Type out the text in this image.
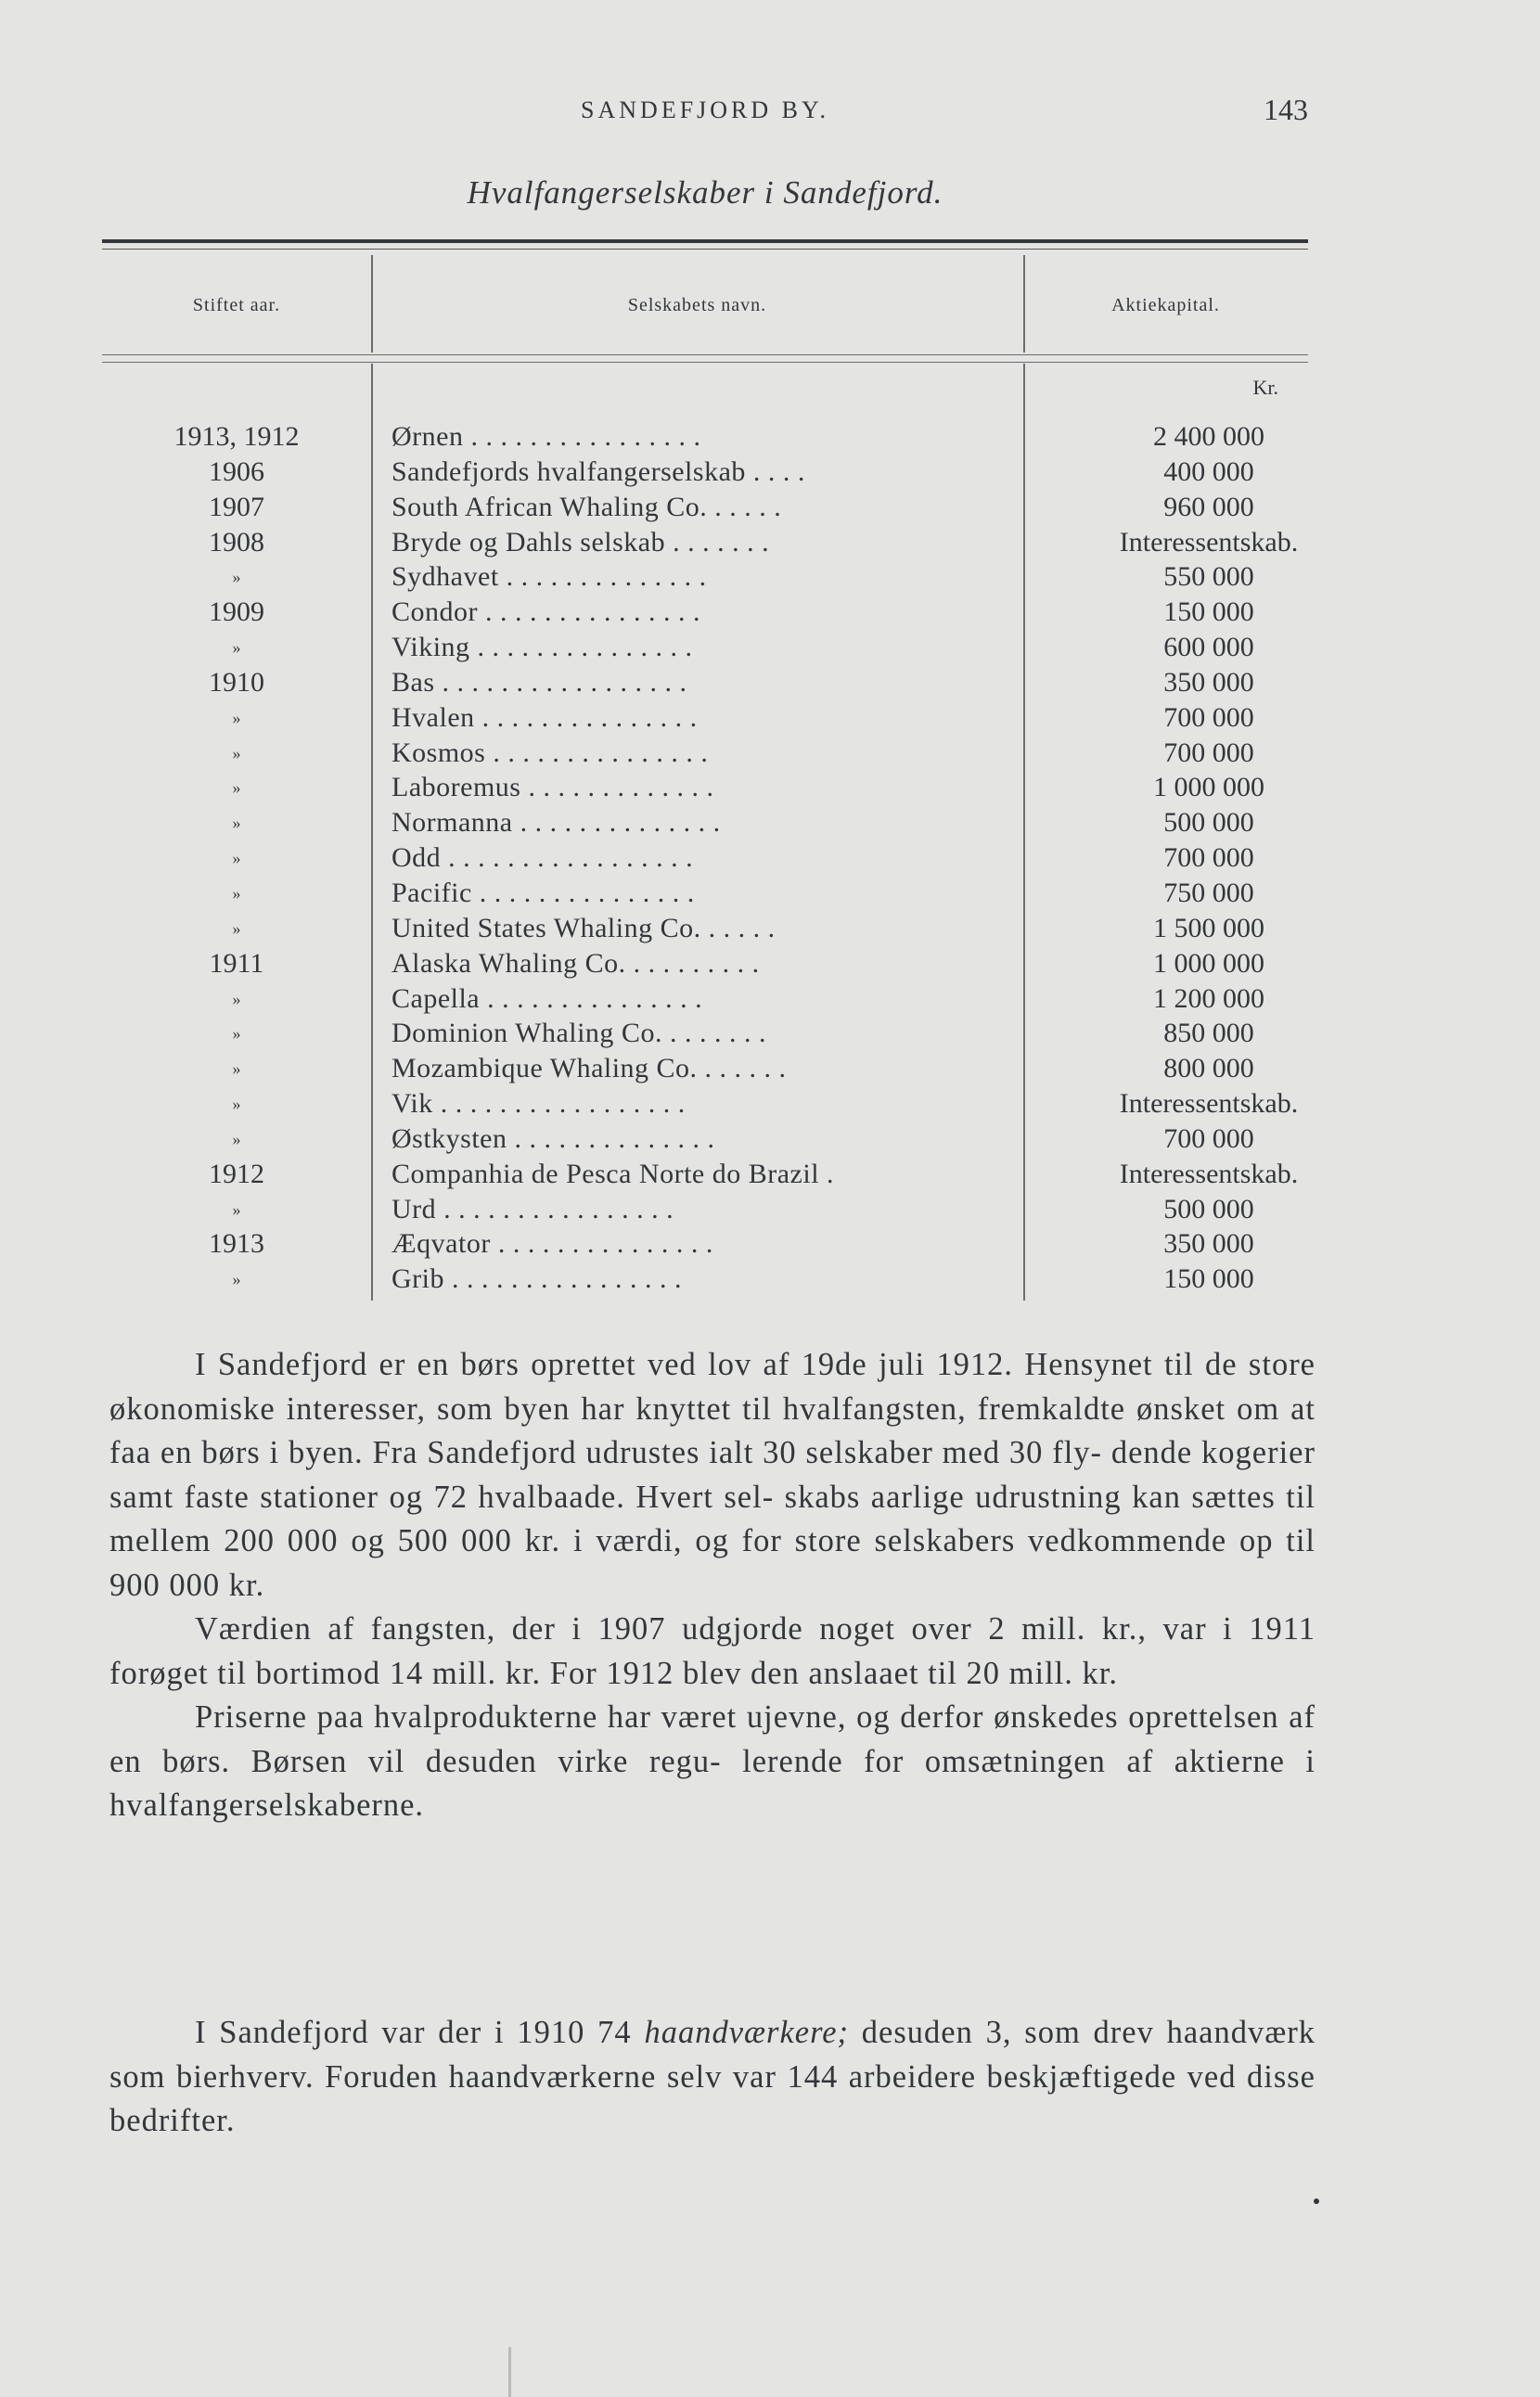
SANDEFJORD BY.	143
Hvalfangerselskaber i Sandefjord.
Stiftet aar.	Selskabets navn.	Aktiekapital.
Kr.
1913, 1912	Ørnen . . . . . . . . . . . . . . . .	2 400 000
1906	Sandefjords hvalfangerselskab . . . .	400 000
1907	South African Whaling Co. . . . . .	960 000
1908	Bryde og Dahls selskab . . . . . . .	Interessentskab.
»	Sydhavet . . . . . . . . . . . . . .	550 000
1909	Condor . . . . . . . . . . . . . . .	150 000
»	Viking . . . . . . . . . . . . . . .	600 000
1910	Bas . . . . . . . . . . . . . . . . .	350 000
»	Hvalen . . . . . . . . . . . . . . .	700 000
»	Kosmos . . . . . . . . . . . . . . .	700 000
»	Laboremus . . . . . . . . . . . . .	1 000 000
»	Normanna . . . . . . . . . . . . . .	500 000
»	Odd . . . . . . . . . . . . . . . . .	700 000
»	Pacific . . . . . . . . . . . . . . .	750 000
»	United States Whaling Co. . . . . .	1 500 000
1911	Alaska Whaling Co. . . . . . . . . .	1 000 000
»	Capella . . . . . . . . . . . . . . .	1 200 000
»	Dominion Whaling Co. . . . . . . .	850 000
»	Mozambique Whaling Co. . . . . . .	800 000
»	Vik . . . . . . . . . . . . . . . . .	Interessentskab.
»	Østkysten . . . . . . . . . . . . . .	700 000
1912	Companhia de Pesca Norte do Brazil .	Interessentskab.
»	Urd . . . . . . . . . . . . . . . .	500 000
1913	Æqvator . . . . . . . . . . . . . . .	350 000
»	Grib . . . . . . . . . . . . . . . .	150 000

I Sandefjord er en børs oprettet ved lov af 19de juli 1912. Hensynet til de store økonomiske interesser, som byen har knyttet til hvalfangsten, fremkaldte ønsket om at faa en børs i byen. Fra Sandefjord udrustes ialt 30 selskaber med 30 fly- dende kogerier samt faste stationer og 72 hvalbaade. Hvert sel- skabs aarlige udrustning kan sættes til mellem 200 000 og 500 000 kr. i værdi, og for store selskabers vedkommende op til 900 000 kr.

Værdien af fangsten, der i 1907 udgjorde noget over 2 mill. kr., var i 1911 forøget til bortimod 14 mill. kr. For 1912 blev den anslaaet til 20 mill. kr.

Priserne paa hvalprodukterne har været ujevne, og derfor ønskedes oprettelsen af en børs. Børsen vil desuden virke regu- lerende for omsætningen af aktierne i hvalfangerselskaberne.

I Sandefjord var der i 1910 74 haandværkere; desuden 3, som drev haandværk som bierhverv. Foruden haandværkerne selv var 144 arbeidere beskjæftigede ved disse bedrifter.
